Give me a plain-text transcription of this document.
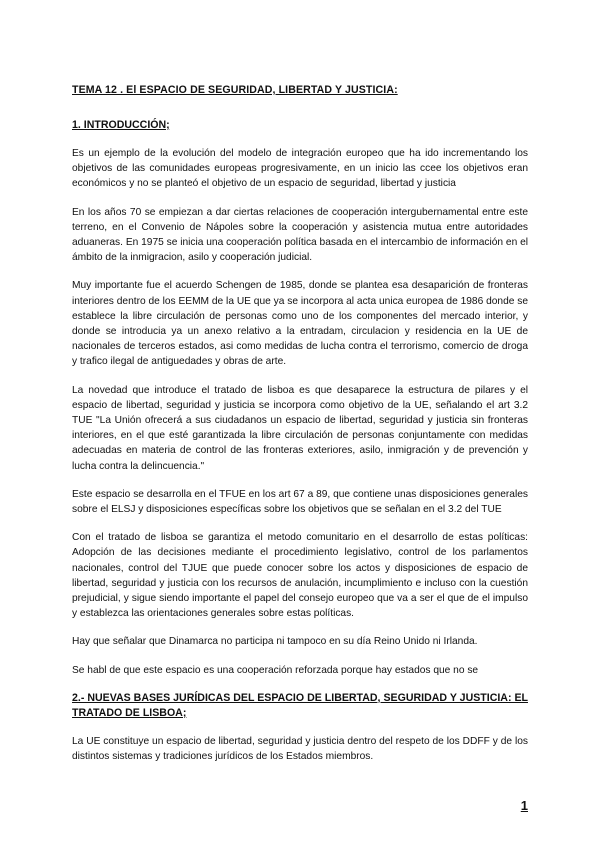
TEMA 12 . El ESPACIO DE SEGURIDAD, LIBERTAD Y JUSTICIA:
1. INTRODUCCIÓN;

Es un ejemplo de la evolución del modelo de integración europeo que ha ido incrementando los objetivos de las comunidades europeas progresivamente, en un inicio las ccee los objetivos eran económicos y no se planteó el objetivo de un espacio de seguridad, libertad y justicia

En los años 70 se empiezan a dar ciertas relaciones de cooperación intergubernamental entre este terreno, en el Convenio de Nápoles sobre la cooperación y asistencia mutua entre autoridades aduaneras. En 1975 se inicia una cooperación política basada en el intercambio de información en el ámbito de la inmigracion, asilo y cooperación judicial.

Muy importante fue el acuerdo Schengen de 1985, donde se plantea esa desaparición de fronteras interiores dentro de los EEMM de la UE que ya se incorpora al acta unica europea de 1986 donde se establece la libre circulación de personas como uno de los componentes del mercado interior, y donde se introducia ya un anexo relativo a la entradam, circulacion y residencia en la UE de nacionales de terceros estados, asi como medidas de lucha contra el terrorismo, comercio de droga y trafico ilegal de antiguedades y obras de arte.

La novedad que introduce el tratado de lisboa es que desaparece la estructura de pilares y el espacio de libertad, seguridad y justicia se incorpora como objetivo de la UE, señalando el art 3.2 TUE "La Unión ofrecerá a sus ciudadanos un espacio de libertad, seguridad y justicia sin fronteras interiores, en el que esté garantizada la libre circulación de personas conjuntamente con medidas adecuadas en materia de control de las fronteras exteriores, asilo, inmigración y de prevención y lucha contra la delincuencia."

Este espacio se desarrolla en el TFUE en los art 67 a 89, que contiene unas disposiciones generales sobre el ELSJ y disposiciones específicas sobre los objetivos que se señalan en el 3.2 del TUE

Con el tratado de lisboa se garantiza el metodo comunitario en el desarrollo de estas políticas: Adopción de las decisiones mediante el procedimiento legislativo, control de los parlamentos nacionales, control del TJUE que puede conocer sobre los actos y disposiciones de espacio de libertad, seguridad y justicia con los recursos de anulación, incumplimiento e incluso con la cuestión prejudicial, y sigue siendo importante el papel del consejo europeo que va a ser el que de el impulso y establezca las orientaciones generales sobre estas políticas.

Hay que señalar que Dinamarca no participa ni tampoco en su día Reino Unido ni Irlanda.

Se habl de que este espacio es una cooperación reforzada porque hay estados que no se

2.- NUEVAS BASES JURÍDICAS DEL ESPACIO DE LIBERTAD, SEGURIDAD Y JUSTICIA: EL TRATADO DE LISBOA;

La UE constituye un espacio de libertad, seguridad y justicia dentro del respeto de los DDFF y de los distintos sistemas y tradiciones jurídicos de los Estados miembros.

1
